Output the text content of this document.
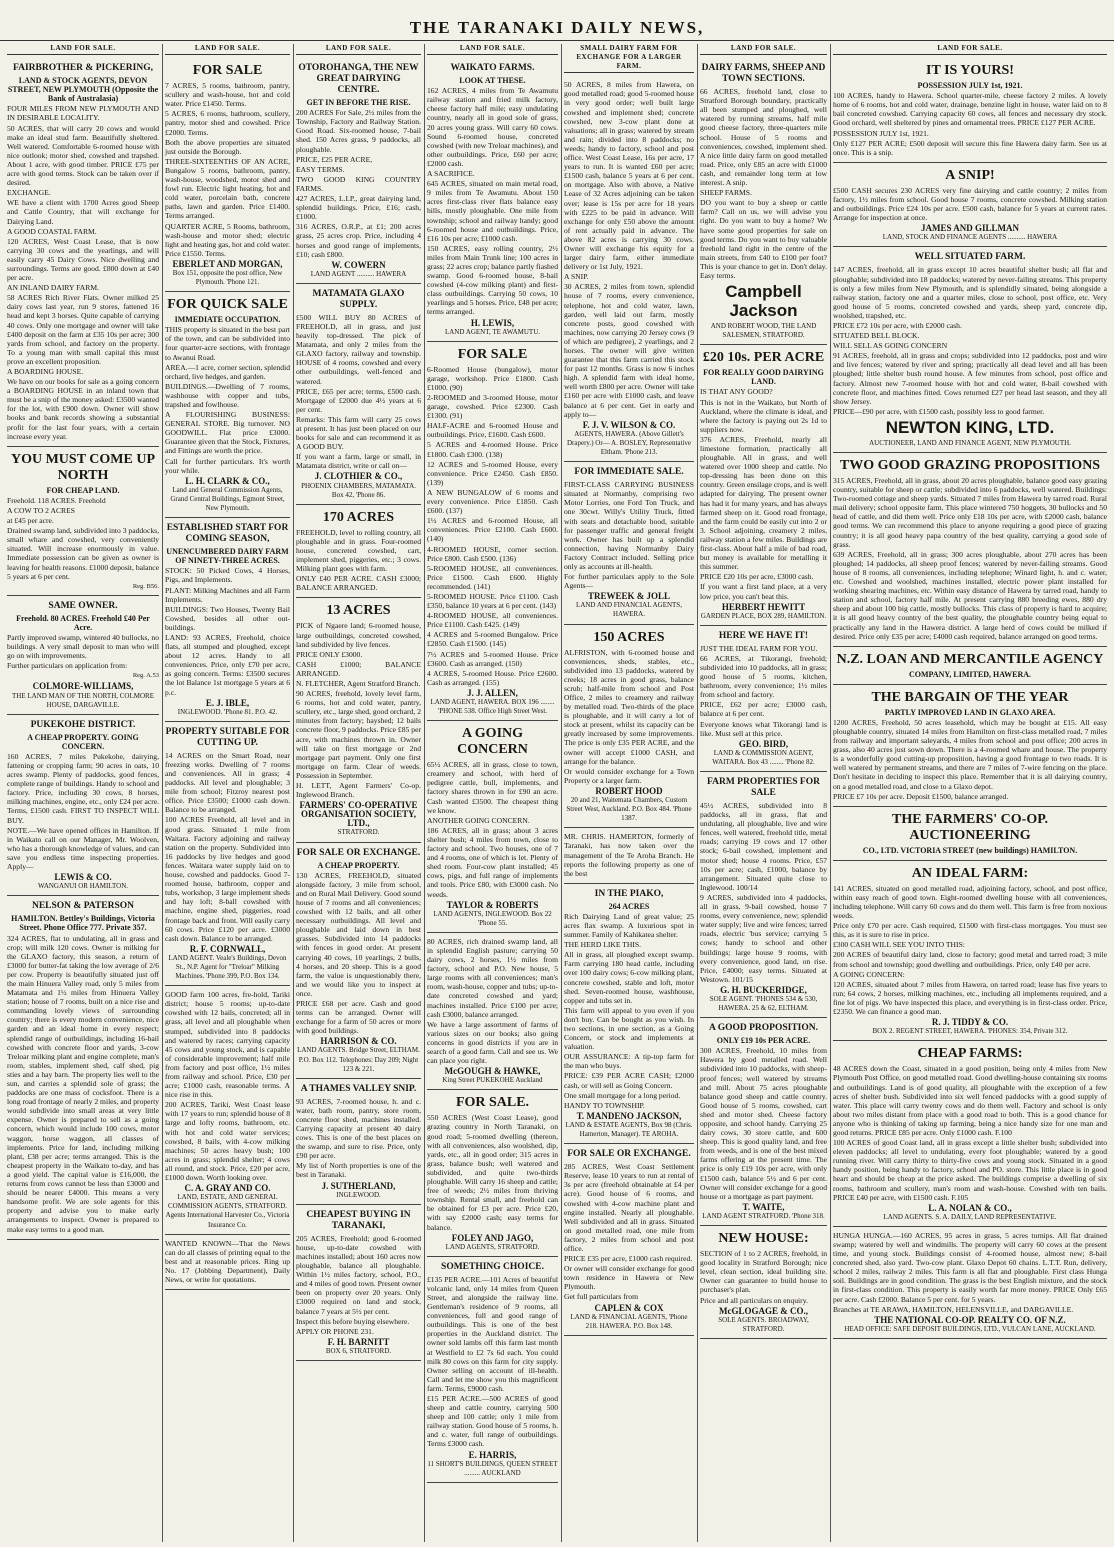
THE TARANAKI DAILY NEWS,
LAND FOR SALE.
FAIRBROTHER & PICKERING,
LAND & STOCK AGENTS, DEVON STREET, NEW PLYMOUTH (Opposite the Bank of Australasia)

FOUR MILES FROM NEW PLYMOUTH AND IN DESIRABLE LOCALITY.

50 ACRES, that will carry 20 cows and would make an ideal stud farm. Beautifully sheltered. Well watered. Comfortable 6-roomed house with nice outlook; motor shed, cowshed and trapshed. About 1 acre, with good timber. PRICE £75 per acre with good terms. Stock can be taken over if desired.

EXCHANGE.

WE have a client with 1700 Acres good Sheep and Cattle Country, that will exchange for Dairying Land.

A GOOD COASTAL FARM.

120 ACRES, West Coast Lease, that is now carrying 30 cows and the yearlings, and will easily carry 45 Dairy Cows. Nice dwelling and surroundings. Terms are good. £800 down at £40 per acre.

AN INLAND DAIRY FARM.

58 ACRES Rich River Flats. Owner milked 25 dairy cows last year, run 9 stores, fattened 16 head and kept 3 horses. Quite capable of carrying 40 cows. Only one mortgage and owner will take £400 deposit on the farm at £35 10s per acre; 300 yards from school, and factory on the property. To a young man with small capital this must prove an excellent proposition.

A BOARDING HOUSE.

We have on our books for sale as a going concern a BOARDING HOUSE in an inland town that must be a snip of the money asked: £3500 wanted for the lot, with £900 down. Owner will show books and bank records showing a substantial profit for the last four years, with a certain increase every year.

YOU MUST COME UP NORTH
FOR CHEAP LAND.

Freehold. 118 ACRES. Freehold

A COW TO 2 ACRES

at £45 per acre.

Drained swamp land, subdivided into 3 paddocks, small whare and cowshed, very conveniently situated. Will increase enormously in value. Immediate possession can be given as owner is leaving for health reasons. £1000 deposit, balance 5 years at 6 per cent.

Reg. B56.
SAME OWNER.
Freehold. 80 ACRES. Freehold £40 Per Acre.

Partly improved swamp, wintered 40 bullocks, no buildings. A very small deposit to man who will go on with improvements.

Further particulars on application from:

Reg. A.53
COLMORE-WILLIAMS,
THE LAND MAN OF THE NORTH, COLMORE HOUSE, DARGAVILLE.
PUKEKOHE DISTRICT.
A CHEAP PROPERTY. GOING CONCERN.

160 ACRES, 7 miles Pukekohe, dairying, fattening or cropping farm; 90 acres in oats, 10 acres swamp. Plenty of paddocks, good fences, complete range of buildings. Handy to school and factory. Price, including 30 cows, 8 horses, milking machines, engine, etc., only £24 per acre. Terms, £1500 cash. FIRST TO INSPECT WILL BUY.

NOTE.—We have opened offices in Hamilton. If in Waikato call on our Manager, Mr. Woolven, who has a thorough knowledge of values, and can save you endless time inspecting properties. Apply—

LEWIS & CO.
WANGANUI OR HAMILTON.
NELSON & PATERSON
HAMILTON. Bettley's Buildings, Victoria Street. Phone Office 777. Private 357.

324 ACRES, flat to undulating, all in grass and crop; will milk 120 cows. Owner is milking for the GLAXO factory, this season, a return of £3000 for butter-fat taking the low average of 2/6 per cow. Property is beautifully situated just off the main Hinuera Valley road, only 5 miles from Matamata and 1½ miles from Hinuera Valley station; house of 7 rooms, built on a nice rise and commanding lovely views of surrounding country; there is every modern convenience, nice garden and an ideal home in every respect; splendid range of outbuildings, including 16-bail cowshed with concrete floor and yards, 3-cow Treloar milking plant and engine complete, man's room, stables, implement shed, calf shed, pig sties and a hay barn. The property lies well to the sun, and carries a splendid sole of grass; the paddocks are one mass of cocksfoot. There is a long road frontage of nearly 2 miles, and property would subdivide into small areas at very little expense. Owner is prepared to sell as a going concern, which would include 100 cows, motor waggon, horse waggon, all classes of implements. Price for land, including milking plant, £38 per acre; terms arranged. This is the cheapest property in the Waikato to-day, and has a good yield. The capital value is £16,000, the returns from cows cannot be less than £3000 and should be nearer £4000. This means a very handsome profit. We are sole agents for this property and advise you to make early arrangements to inspect. Owner is prepared to make easy terms to a good man.

LAND FOR SALE.
FOR SALE

7 ACRES, 5 rooms, bathroom, pantry, scullery and wash-house, hot and cold water. Price £1450. Terms.

5 ACRES, 6 rooms, bathroom, scullery, pantry, motor shed and cowshed. Price £2000. Terms.

Both the above properties are situated just outside the Borough.

THREE-SIXTEENTHS OF AN ACRE, Bungalow 5 rooms, bathroom, pantry, wash-house, woodshed, motor shed and fowl run. Electric light heating, hot and cold water, porcelain bath, concrete paths, lawn and garden. Price £1400. Terms arranged.

QUARTER ACRE, 5 Rooms, bathroom, wash-house and motor shed; electric light and heating gas, hot and cold water. Price £1550. Terms.

EBERLET AND MORGAN,
Box 151, opposite the post office, New Plymouth. 'Phone 121.
FOR QUICK SALE
IMMEDIATE OCCUPATION.

THIS property is situated in the best part of the town, and can be subdivided into four quarter-acre sections, with frontage to Awanui Road.

AREA.—1 acre, corner section, splendid orchard, live hedges, and garden.

BUILDINGS.—Dwelling of 7 rooms, washhouse with copper and tubs, trapshed and fowlhouse.

A FLOURISHING BUSINESS: GENERAL STORE. Big turnover. NO GOODWILL. Flat price £3000. Guarantee given that the Stock, Fixtures, and Fittings are worth the price.

Call for further particulars. It's worth your while.

L. H. CLARK & CO.,
Land and General Commission Agents, Grand Central Buildings, Egmont Street, New Plymouth.
ESTABLISHED START FOR COMING SEASON,
UNENCUMBERED DAIRY FARM OF NINETY-THREE ACRES.

STOCK: 50 Picked Cows, 4 Horses, Pigs, and Implements.

PLANT: Milking Machines and all Farm Implements.

BUILDINGS: Two Houses, Twenty Bail Cowshed, besides all other out-buildings.

LAND: 93 ACRES, Freehold, choice flats, all stumped and ploughed, except about 12 acres. Handy to all conveniences. Price, only £70 per acre, as going concern. Terms: £3500 secures the lot Balance 1st mortgage 5 years at 6 p.c.

E. J. IBLE,
INGLEWOOD. 'Phone 81. P.O. 42.
PROPERTY SUITABLE FOR CUTTING UP.

14 ACRES on the Smart Road, near freezing works. Dwelling of 7 rooms and conveniences. All in grass; 4 paddocks. All level and ploughable; 3 mile from school; Fitzroy nearest post office. Price £3500; £1000 cash down. Balance to be arranged.

100 ACRES Freehold, all level and in good grass. Situated 1 mile from Waitara. Factory adjoining and railway station on the property. Subdivided into 16 paddocks by live hedges and good fences. Waitara water supply laid on to house, cowshed and paddocks. Good 7-roomed house, bathroom, copper and tubs, workshop, 3 large implement sheds and hay loft; 8-ball cowshed with machine, engine shed, piggeries, road frontage back and front. Will easily carry 60 cows. Price £120 per acre. £3000 cash down. Balance to be arranged.

R. F. CORNWALL,
LAND AGENT. Veale's Buildings, Devon St., N.P. Agent for "Treloar" Milking Machines. 'Phone 399, P.O. Box 134.

GOOD farm 100 acres, fre-hold, Tariki district; house 5 rooms; up-to-date cowshed with 12 bails, concreted; all in grass, all level and all ploughable when stumped, subdivided into 8 paddocks and watered by races; carrying capacity 45 cows and young stock, and is capable of considerable improvement; half mile from factory and post office, 1½ miles from railway and school. Price, £30 per acre; £1000 cash, reasonable terms. A nice rise in this.

200 ACRES, Tariki, West Coast lease with 17 years to run; splendid house of 8 large and lofty rooms, bathroom, etc. with hot and cold water services; cowshed, 8 bails, with 4-cow milking machines; 50 acres heavy bush; 100 acres in grass; splendid shelter; 4 cows all round, and stock. Price, £20 per acre, £1000 down. Worth looking over.

C. A. GRAY AND CO.
LAND, ESTATE, AND GENERAL COMMISSION AGENTS, STRATFORD. Agents International Harvester Co., Victoria Insurance Co.

WANTED KNOWN—That the News can do all classes of printing equal to the best and at reasonable prices. Ring up No. 17 (Jobbing Department), Daily News, or write for quotations.

LAND FOR SALE.
OTOROHANGA, THE NEW GREAT DAIRYING CENTRE.
GET IN BEFORE THE RISE.

200 ACRES For Sale, 2½ miles from the Township, Factory and Railway Station. Good Road. Six-roomed house, 7-bail shed. 150 Acres grass, 9 paddocks, all ploughable.

PRICE, £25 PER ACRE,

EASY TERMS.

TWO GOOD KING COUNTRY FARMS.

427 ACRES, L.I.P., great dairying land, splendid buildings. Price, £16; cash, £1000.

316 ACRES, O.R.P., at £1; 200 acres grass, 25 acres crop. Price, including 4 horses and good range of implements, £10; cash £800.

W. COWERN
LAND AGENT .......... HAWERA
MATAMATA GLAXO SUPPLY.

£500 WILL BUY 80 ACRES of FREEHOLD, all in grass, and just heavily top-dressed. The pick of Matamata, and only 2 miles from the GLAXO factory, railway and township. HOUSE of 4 rooms, cowshed and every other outbuildings, well-fenced and watered.

PRICE, £65 per acre; terms, £500 cash. Mortgage of £2000 due 4½ years at 6 per cent.

Remarks: This farm will carry 25 cows at present. It has just been placed on our books for sale and can recommend it as A GOOD BUY.

If you want a farm, large or small, in Matamata district, write or call on—

J. CLOTHIER & CO.,
PHOENIX CHAMBERS, MATAMATA. Box 42, 'Phone 86.
170 ACRES

FREEHOLD, level to rolling country, all ploughable and in grass. Four-roomed house, concreted cowshed, cart, implement shed, piggeries, etc.; 3 cows. Milking plant goes with farm.

ONLY £40 PER ACRE. CASH £3000; BALANCE ARRANGED.

13 ACRES

PICK of Ngaere land; 6-roomed house, large outbuildings, concreted cowshed, land subdivided by live fences.

PRICE ONLY £3000.

CASH £1000; BALANCE ARRANGED.

N. FLETCHER, Agent Stratford Branch.

90 ACRES, freehold, lovely level farm, 6 rooms, hot and cold water, pantry, scullery, etc., large shed, good orchard, 2 minutes from factory; hayshed; 12 bails concrete floor, 9 paddocks. Price £85 per acre, with machines thrown in. Owner will take on first mortgage or 2nd mortgage part payment. Only one first mortgage on farm. Clear of weeds. Possession in September.

H. LETT, Agent Farmers' Co-op. Inglewood Branch.

FARMERS' CO-OPERATIVE ORGANISATION SOCIETY, LTD.,
STRATFORD.
FOR SALE OR EXCHANGE.
A CHEAP PROPERTY.

130 ACRES, FREEHOLD, situated alongside factory, 3 mile from school, and on Rural Mail Delivery. Good sound house of 7 rooms and all conveniences; cowshed with 12 bails, and all other necessary outbuildings. All level and ploughable and laid down in best grasses. Subdivided into 14 paddocks with fences in good order. At present carrying 40 cows, 10 yearlings, 2 bulls, 4 horses, and 20 sheep. This is a good farm, the value is unquestionably there, and we would like you to inspect at once.

PRICE £68 per acre. Cash and good terms can be arranged. Owner will exchange for a farm of 50 acres or more with good buildings.

HARRISON & CO.
LAND AGENTS. Bridge Street, ELTHAM. P.O. Box 112. Telephones: Day 209; Night 123 & 221.
A THAMES VALLEY SNIP.

93 ACRES, 7-roomed house, h. and c. water, bath room, pantry, store room, concrete floor shed, machines installed. Carrying capacity at present 40 dairy cows. This is one of the best places on the swamp, and sure to rise. Price, only £90 per acre.

My list of North properties is one of the best in Taranaki.

J. SUTHERLAND,
INGLEWOOD.
CHEAPEST BUYING IN TARANAKI,

205 ACRES, Freehold; good 6-roomed house, up-to-date cowshed with machines installed; about 160 acres now ploughable, balance all ploughable. Within 1½ miles factory, school, P.O., and 4 miles of good town. Present owner been on property over 20 years. Only £3000 required on land and stock, balance 7 years at 5½ per cent.

Inspect this before buying elsewhere.

APPLY OR PHONE 231.

F. H. BARNITT
BOX 6, STRATFORD.
LAND FOR SALE.
WAIKATO FARMS.
LOOK AT THESE.

162 ACRES, 4 miles from Te Awamutu railway station and fried milk factory, cheese factory half mile; easy undulating country, nearly all in good sole of grass, 20 acres young grass. Will carry 60 cows. Sound 6-roomed house, concreted cowshed (with new Treloar machines), and other outbuildings. Price, £60 per acre; £2000 cash.

A SACRIFICE.

645 ACRES, situated on main metal road, 9 miles from Te Awamutu. About 150 acres first-class river flats balance easy hills, mostly ploughable. One mile from township; school and railway handy; good 6-roomed house and outbuildings. Price, £16 10s per acre; £1000 cash.

150 ACRES, easy rolling country, 2½ miles from Main Trunk line; 100 acres in grass; 22 acres crop; balance partly fiashed swamp. Good 6-roomed house, 8-bail cowshed (4-cow milking plant) and first-class outbuildings. Carrying 50 cows, 10 yearlings and 5 horses. Price, £48 per acre; terms arranged.

H. LEWIS,
LAND AGENT, TE AWAMUTU.
FOR SALE

6-Roomed House (bungalow), motor garage, workshop. Price £1800. Cash £1000. (90)

2-ROOMED and 3-roomed House, motor garage, cowshed. Price £2300. Cash £1300. (91)

HALF-ACRE and 6-roomed House and outbuildings. Price, £1600. Cash £600.

5 ACRES and 4-roomed House. Price £1800. Cash £300. (138)

12 ACRES and 5-roomed House, every convenience. Price £2450. Cash £850. (139)

A NEW BUNGALOW of 6 rooms and every convenience. Price £1850. Cash £600. (137)

1½ ACRES and 6-roomed House, all conveniences. Price £2100. Cash £600. (140)

4-ROOMED HOUSE, corner section. Price £800. Cash £500. (136)

5-ROOMED HOUSE, all conveniences. Price £1500. Cash £600. Highly recommended. (141)

5-ROOMED HOUSE. Price £1100. Cash £350, balance 10 years at 6 per cent. (143)

4-ROOMED HOUSE, all conveniences. Price £1100. Cash £425. (149)

4 ACRES and 5-roomed Bungalow. Price £2850. Cash £1500. (145)

7½ ACRES and 5-roomed House. Price £3600. Cash as arranged. (150)

4 ACRES, 5-roomed House. Price £2600. Cash as arranged. (155)

J. J. ALLEN,
LAND AGENT, HAWERA. BOX 196 ........ 'PHONE 538. Office High Street West.
A GOING CONCERN

65½ ACRES, all in grass, close to town, creamery and school, with herd of pedigree cattle, bull, implements, and factory shares thrown in for £90 an acre. Cash wanted £3500. The cheapest thing we know.

ANOTHER GOING CONCERN.

186 ACRES, all in grass; about 3 acres shelter bush; 4 miles from town, close to factory and school. Two houses, one of 7 and 4 rooms, one of which is let. Plenty of shed room. Four-cow plant installed; 45 cows, pigs, and full range of implements and tools. Price £80, with £3000 cash. No weeds.

TAYLOR & ROBERTS
LAND AGENTS, INGLEWOOD. Box 22 'Phone 55.

80 ACRES, rich drained swamp land, all in splendid English pasture; carrying 50 dairy cows, 2 horses, 1½ miles from factory, school and P.O. New house, 5 large rooms with all conveniences; man's room, wash-house, copper and tubs; up-to-date concreted cowshed and yard; machines installed. Price £100 per acre; cash £3000, balance arranged.

We have a large assortment of farms of various sizes on our books; also going concerns in good districts if you are in search of a good farm. Call and see us. We can place you right.

McGOUGH & HAWKE,
King Street PUKEKOHE Auckland
FOR SALE.

550 ACRES (West Coast Lease), good grazing country in North Taranaki, on good road; 5-roomed dwelling (thereon, with all conveniences, also woolshed, dip, yards, etc., all in good order; 315 acres in grass, balance bush; well watered and subdivided, and quite two-thirds ploughable. Will carry 16 sheep and cattle; free of weeds; 2½ miles from thriving township. Rental small, and freehold can be obtained for £3 per acre. Price £20, with say £2000 cash; easy terms for balance.

FOLEY AND JAGO,
LAND AGENTS, STRATFORD.
SOMETHING CHOICE.

£135 PER ACRE.—101 Acres of beautiful volcanic land, only 14 miles from Queen Street, and alongside the railway line. Gentleman's residence of 9 rooms, all conveniences, full and good range of outbuildings. This is one of the best properties in the Auckland district. The owner sold lambs off this farm last month at Westfield to £2 7s 6d each. You could milk 80 cows on this farm for city supply. Owner selling on account of ill-health. Call and let me show you this magnificent farm. Terms, £9000 cash.

£15 PER ACRE.—500 ACRES of good sheep and cattle country, carrying 500 sheep and 100 cattle; only 1 mile from railway station. Good house of 5 rooms, h. and c. water, full range of outbuildings. Terms £3000 cash.

E. HARRIS,
11 SHORT'S BUILDINGS, QUEEN STREET ......... AUCKLAND
SMALL DAIRY FARM FOR EXCHANGE FOR A LARGER FARM.

50 ACRES, 8 miles from Hawera, on good metalled road; good 5-roomed house in very good order; well built large cowshed and implement shed; concrete cowshed, new 3-cow plant done at valuations; all in grass; watered by stream and rain; divided into 8 paddocks; no weeds; handy to factory, school and post office. West Coast Lease, 16s per acre, 17 years to run. It is wanted £60 per acre; £1500 cash, balance 5 years at 6 per cent. on mortgage. Also with above, a Native Lease of 32 Acres adjoining can be taken over; lease is 15s per acre for 18 years with £225 to be paid in advance. Will exchange for only £50 above the amount of rent actually paid in advance. The above 82 acres is carrying 30 cows. Owner will exchange his equity for a larger dairy farm, either immediate delivery or 1st July, 1921.

A SNIP.

30 ACRES, 2 miles from town, splendid house of 7 rooms, every convenience, telephone, hot and cold water, lawn, garden, well laid out farm, mostly concrete posts, good cowshed with machines, now carrying 20 Jersey cows (9 of which are pedigree), 2 yearlings, and 2 horses. The owner will give written guarantee that this farm carried this stock for past 12 months. Grass is now 6 inches high. A splendid farm with ideal home, well worth £800 per acre. Owner will take £160 per acre with £1000 cash, and leave balance at 6 per cent. Get in early and apply to—

F. J. V. WILSON & CO.
AGENTS, HAWERA. (Above Gillett's Drapery.) Or— A. BOSLEY, Representative Eltham. 'Phone 213.
FOR IMMEDIATE SALE.

FIRST-CLASS CARRYING BUSINESS situated at Normanby, comprising two Motor Lorries, one Ford Ton Truck, and one 30cwt. Willy's Utility Truck, fitted with seats and detachable hood, suitable for passenger traffic and general freight work. Owner has built up a splendid connection, having Normanby Dairy Factory Contract included. Selling price only as accounts at ill-health.

For further particulars apply to the Sole Agents—

TREWEEK & JOLL
LAND AND FINANCIAL AGENTS, HAWERA.
150 ACRES

ALFRISTON, with 6-roomed house and conveniences, sheds, stables, etc., subdivided into 13 paddocks, watered by creeks; 18 acres in good grass, balance scrub; half-mile from school and Post Office, 2 miles to creamery and railway by metalled road. Two-thirds of the place is ploughable, and it will carry a lot of stock at present, whilst its capacity can be greatly increased by some improvements. The price is only £35 PER ACRE, and the owner will accept £1000 CASH, and arrange for the balance.

Or would consider exchange for a Town Property or a larger farm.

ROBERT HOOD
20 and 21, Waitemata Chambers, Custom Street West, Auckland. P.O. Box 484. 'Phone 1387.

MR. CHRIS. HAMERTON, formerly of Taranaki, has now taken over the management of the Te Aroha Branch. He reports the following property as one of the best

IN THE PIAKO,
264 ACRES

Rich Dairying Land of great value; 25 acres flax swamp. A luxurious spot in summer. Family of Kahikatea shelter.

THE HERD LIKE THIS.

All in grass, all ploughed except swamp. Farm carrying 180 head cattle, including over 100 dairy cows; 6-cow milking plant, concrete cowshed, stable and loft, motor shed. Seven-roomed house, washhouse, copper and tubs set in.

This farm will appeal to you even if you don't buy. Can be bought as you wish. In two sections, in one section, as a Going Concern, or stock and implements at valuation.

OUR ASSURANCE: A tip-top farm for the man who buys.

PRICE: £39 PER ACRE CASH; £2000 cash, or will sell as Going Concern.

One small mortgage for a long period.

HANDY TO TOWNSHIP.

T. MANDENO JACKSON,
LAND & ESTATE AGENTS, Box 98 (Chris. Hamerton, Manager). TE AROHA.
FOR SALE OR EXCHANGE.

285 ACRES, West Coast Settlement Reserve, lease 10 years to run at rental of 3s per acre (freehold obtainable at £4 per acre). Good house of 6 rooms, and cowshed with 4-cow machine plant and engine installed. Nearly all ploughable. Well subdivided and all in grass. Situated on good metalled road, one mile from factory, 2 miles from school and post office.

PRICE £35 per acre, £1000 cash required.

Or owner will consider exchange for good town residence in Hawera or New Plymouth.

Get full particulars from

CAPLEN & COX
LAND & FINANCIAL AGENTS, 'Phone 218. HAWERA. P.O. Box 148.
LAND FOR SALE.
DAIRY FARMS, SHEEP AND TOWN SECTIONS.

66 ACRES, freehold land, close to Stratford Borough boundary, practically all been stumped and ploughed, well watered by running streams, half mile good cheese factory, three-quarters mile school. House of 5 rooms and conveniences, cowshed, implement shed. A nice little dairy farm on good metalled road. Price, only £85 an acre with £1000 cash, and remainder long term at low interest. A snip.

SHEEP FARMS.

DO you want to buy a sheep or cattle farm? Call on us, we will advise you right. Do you want to buy a home? We have some good properties for sale on good terms. Do you want to buy valuable freehold land right in the centre of the main streets, from £40 to £100 per foot? This is your chance to get in. Don't delay. Easy terms.

Campbell Jackson
AND ROBERT WOOD, THE LAND SALESMEN, STRATFORD.
£20 10s. PER ACRE
FOR REALLY GOOD DAIRYING LAND.

IS THAT ANY GOOD?

This is not in the Waikato, but North of Auckland, where the climate is ideal, and where the factory is paying out 2s 1d to suppliers now.

376 ACRES, Freehold, nearly all limestone formation, practically all ploughable. All in grass, and well watered over 1000 sheep and cattle. No top-dressing has been done on this country. Green ensilage crops, and is well adapted for dairying. The present owner has had it for many years, and has always farmed sheep on it. Good road frontage, and the farm could be easily cut into 2 or 3. School adjoining, creamery 2 miles, railway station a few miles. Buildings are first-class. About half a mile of bad road, but money is available for metalling it this summer.

PRICE £20 10s per acre, £3000 cash.

If you want a first land place, at a very low price, you can't beat this.

HERBERT HEWITT
GARDEN PLACE, BOX 289, HAMILTON.
HERE WE HAVE IT!

JUST THE IDEAL FARM FOR YOU.

66 ACRES, at Tikorangi, freehold; subdivided into 10 paddocks, all in grass; good house of 5 rooms, kitchen, bathroom, every convenience; 1½ miles from school and factory.

PRICE, £62 per acre; £3000 cash, balance at 6 per cent.

Everyone knows what Tikorangi land is like. Must sell at this price.

GEO. BIRD,
LAND & COMMISSION AGENT, WAITARA. Box 43 ........ 'Phone 82.
FARM PROPERTIES FOR SALE

45½ ACRES, subdivided into 8 paddocks, all in grass, flat and undulating, all ploughable, live and wire fences, well watered, freehold title, metal roads; carrying 19 cows and 17 other stock; 6-bail cowshed, implement and motor shed; house 4 rooms. Price, £57 10s per acre; cash, £1000, balance by arrangement. Situated quite close to Inglewood. 100/14

9 ACRES, subdivided into 4 paddocks, all in grass, 9-bail cowshed, house 7 rooms, every convenience, new; splendid water supply; live and wire fences; tarred roads, electric 'bus service; carrying 5 cows; handy to school and other buildings; large house 9 rooms, with every convenience, good land, on rise. Price, £4000; easy terms. Situated at Westown. 101/15

G. H. BUCKERIDGE,
SOLE AGENT. 'PHONES 534 & 530, HAWERA. 25 & 62, ELTHAM.
A GOOD PROPOSITION.
ONLY £19 10s PER ACRE.

300 ACRES, Freehold, 10 miles from Hawera by good metalled road. Well subdivided into 10 paddocks, with sheep-proof fences; well watered by streams and mill. About 75 acres ploughable balance good sheep and cattle country. Good house of 5 rooms, cowshed, cart shed and motor shed. Cheese factory opposite, and school handy. Carrying 25 dairy cows, 30 store cattle, and 600 sheep. This is good quality land, and free from weeds, and is one of the best mixed farms offering at the present time. The price is only £19 10s per acre, with only £1500 cash, balance 5½ and 6 per cent. Owner will consider exchange for a good house or a mortgage as part payment.

T. WAITE,
LAND AGENT STRATFORD. 'Phone 318.
NEW HOUSE:

SECTION of 1 to 2 ACRES, freehold, in good locality in Stratford Borough; nice level, clean section, ideal building site. Owner can guarantee to build house to purchaser's plan.

Price and all particulars on enquiry.

McGLOGAGE & CO.,
SOLE AGENTS. BROADWAY, STRATFORD.
LAND FOR SALE.
IT IS YOURS!
POSSESSION JULY 1st, 1921.

100 ACRES, handy to Hawera. School quarter-mile, cheese factory 2 miles. A lovely home of 6 rooms, hot and cold water, drainage, benzine light in house, water laid on to 8 bail concreted cowshed. Carrying capacity 60 cows, all fences and necessary dry stock. Good orchard, well sheltered by pines and ornamental trees. PRICE £127 PER ACRE.

POSSESSION JULY 1st, 1921.

Only £127 PER ACRE; £500 deposit will secure this fine Hawera dairy farm. See us at once. This is a snip.

A SNIP!

£500 CASH secures 230 ACRES very fine dairying and cattle country; 2 miles from factory, 1½ miles from school. Good house 7 rooms, concrete cowshed. Milking station and outbuildings. Price £24 10s per acre. £500 cash, balance for 5 years at current rates. Arrange for inspection at once.

JAMES AND GILLMAN
LAND, STOCK AND FINANCE AGENTS .......... HAWERA
WELL SITUATED FARM.

147 ACRES, freehold, all in grass except 10 acres beautiful shelter bush; all flat and ploughable; subdivided into 18 paddocks; watered by never-failing streams. This property is only a few miles from New Plymouth, and is splendidly situated, being alongside a railway station, factory one and a quarter miles, close to school, post office, etc. Very good house of 5 rooms, concreted cowshed and yards, sheep yard, concrete dip, woolshed, trapshed, etc.

PRICE £72 10s per acre, with £2000 cash.

SITUATED BELL BLOCK.

WILL SELL AS GOING CONCERN

91 ACRES, freehold, all in grass and crops; subdivided into 12 paddocks, post and wire and live fences; watered by river and spring; practically all dead level and all has been ploughed; little shelter bush round house. A few minutes from school, post office and factory. Almost new 7-roomed house with hot and cold water, 8-bail cowshed with concrete floor, and machines fitted. Cows returned £27 per head last season, and they all show Jersey.

PRICE—£90 per acre, with £1500 cash, possibly less to good farmer.

NEWTON KING, LTD.
AUCTIONEER, LAND AND FINANCE AGENT, NEW PLYMOUTH.
TWO GOOD GRAZING PROPOSITIONS

315 ACRES, Freehold, all in grass, about 20 acres ploughable, balance good easy grazing country, suitable for sheep or cattle; subdivided into 6 paddocks, well watered. Buildings: Two-roomed cottage and sheep yards. Situated 7 miles from Hawera by tarred road. Rural mail delivery; school opposite farm. This place wintered 750 hoggets, 30 bullocks and 50 head of cattle, and did them well. Price only £18 10s per acre, with £2000 cash, balance good terms. We can recommend this place to anyone requiring a good piece of grazing country; it is all good heavy papa country of the best quality, carrying a good sole of grass.

639 ACRES, Freehold, all in grass; 300 acres ploughable, about 270 acres has been ploughed; 14 paddocks, all sheep proof fences; watered by never-failing streams. Good house of 8 rooms, all conveniences, including telephone; Winard light, h. and c. water, etc. Cowshed and woolshed, machines installed, electric power plant installed for working shearing machines, etc. Within easy distance of Hawera by tarred road, handy to station and school, factory half mile. At present carrying 880 breeding ewes, 880 dry sheep and about 100 big cattle, mostly bullocks. This class of property is hard to acquire; it is all good heavy country of the best quality, the ploughable country being equal to practically any land in the Hawera district. A large herd of cows could be milked if desired. Price only £35 per acre; £4000 cash required, balance arranged on good terms.

N.Z. LOAN AND MERCANTILE AGENCY
COMPANY, LIMITED, HAWERA.
THE BARGAIN OF THE YEAR
PARTLY IMPROVED LAND IN GLAXO AREA.

1200 ACRES, Freehold, 50 acres leasehold, which may be bought at £15. All easy ploughable country, situated 14 miles from Hamilton on first-class metalled road, 7 miles from railway and important saleyards, 4 miles from school and post office; 200 acres in grass, also 40 acres just sown down. There is a 4-roomed whare and house. The property is a wonderfully good cutting-up proposition, having a good frontage to two roads. It is well watered by permanent streams, and there are 7 miles of 7-wire fencing on the place. Don't hesitate in deciding to inspect this place. Remember that it is all dairying country, on a good metalled road, and close to a Glaxo depot.

PRICE £7 10s per acre. Deposit £1500, balance arranged.

THE FARMERS' CO-OP. AUCTIONEERING
CO., LTD. VICTORIA STREET (new buildings) HAMILTON.
AN IDEAL FARM:

141 ACRES, situated on good metalled road, adjoining factory, school, and post office, within easy reach of good town. Eight-roomed dwelling house with all conveniences, including telephone. Will carry 60 cows and do them well. This farm is free from noxious weeds.

Price only £70 per acre. Cash required, £1500 with first-class mortgages. You must see this, as it is sure to rise in price.

£300 CASH WILL SEE YOU INTO THIS:

200 ACRES of beautiful dairy land, close to factory; good metal and tarred road; 3 mile from school and township; good dwelling and outbuildings. Price, only £40 per acre.

A GOING CONCERN:

120 ACRES, situated about 7 miles from Hawera, on tarred road; lease has five years to run; 64 cows, 2 horses, milking machines, etc., including all implements required, and a fine lot of pigs. We have inspected this place, and everything is in first-class order. Price, £2350. We can finance a good man.

R. J. TIDDY & CO.
BOX 2. REGENT STREET, HAWERA. 'PHONES: 354, Private 312.
CHEAP FARMS:

48 ACRES down the Coast, situated in a good position, being only 4 miles from New Plymouth Post Office, on good metalled road. Good dwelling-house containing six rooms and outbuildings. Land is of good quality, all ploughable with the exception of a few acres of shelter bush. Subdivided into six well fenced paddocks with a good supply of water. This place will carry twenty cows and do them well. Factory and school is only about two miles distant from place with a good road to both. This is a good chance for anyone who is thinking of taking up farming, being a nice handy size for one man and good returns. PRICE £85 per acre. Only £1000 cash. F.100

100 ACRES of good Coast land, all in grass except a little shelter bush; subdivided into eleven paddocks; all level to undulating, every foot ploughable; watered by a good running river. Will carry thirty to thirty-five cows and young stock. Situated in a good handy position, being handy to factory, school and PO. store. This little place is in good heart and should be cheap at the price asked. The buildings comprise a dwelling of six rooms, bathroom and scullery, man's room and wash-house. Cowshed with ten bails. PRICE £40 per acre, with £1500 cash. F.105

L. A. NOLAN & CO.,
LAND AGENTS. S. A. DAILY, LAND REPRESENTATIVE.

HUNGA HUNGA.—160 ACRES, 95 acres in grass, 5 acres turnips. All flat drained swamp; watered by well and windmills. The property will carry 60 cows at the present time, and young stock. Buildings consist of 4-roomed house, almost new; 8-bail concreted shed, also yard. Two-cow plant. Glaxo Depot 60 chains. L.T.T. Run, delivery, school 2 miles, railway 2 miles. This farm is all flat and ploughable. First class Hunga soil. Buildings are in good condition. The grass is the best English mixture, and the stock in first-class condition. This property is easily worth far more money. PRICE Only £65 per acre. Cash £2000. Balance 5 per cent. for 5 years.

Branches at TE ARAWA, HAMILTON, HELENSVILLE, and DARGAVILLE.

THE NATIONAL CO-OP. REALTY CO. OF N.Z.
HEAD OFFICE: SAFE DEPOSIT BUILDINGS, LTD., VULCAN LANE, AUCKLAND.
